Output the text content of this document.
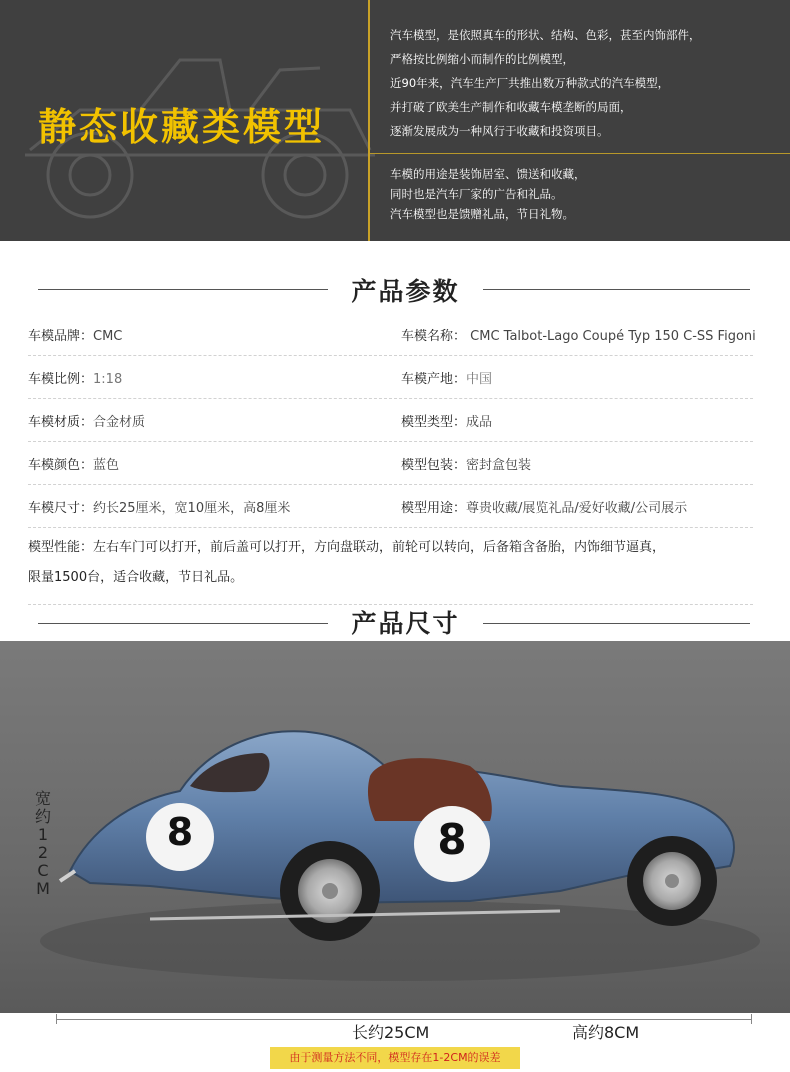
静态收藏类模型
汽车模型，是依照真车的形状、结构、色彩，甚至内饰部件，
严格按比例缩小而制作的比例模型，
近90年来，汽车生产厂共推出数万种款式的汽车模型，
并打破了欧美生产制作和收藏车模垄断的局面，
逐渐发展成为一种风行于收藏和投资项目。
车模的用途是装饰居室、馈送和收藏，
同时也是汽车厂家的广告和礼品。
汽车模型也是馈赠礼品，节日礼物。
产品参数
车模品牌：CMC	车模名称： CMC Talbot-Lago Coupé Typ 150 C-SS Figoni
车模比例：1:18	车模产地：中国
车模材质：合金材质	模型类型：成品
车模颜色：蓝色	模型包装：密封盒包装
车模尺寸：约长25厘米，宽10厘米，高8厘米	模型用途：尊贵收藏/展览礼品/爱好收藏/公司展示
模型性能：左右车门可以打开，前后盖可以打开，方向盘联动，前轮可以转向，后备箱含备胎，内饰细节逼真，
限量1500台，适合收藏，节日礼品。
产品尺寸
8	8
宽
约
1
2
C
M
长约25CM	高约8CM
由于测量方法不同，模型存在1-2CM的误差
